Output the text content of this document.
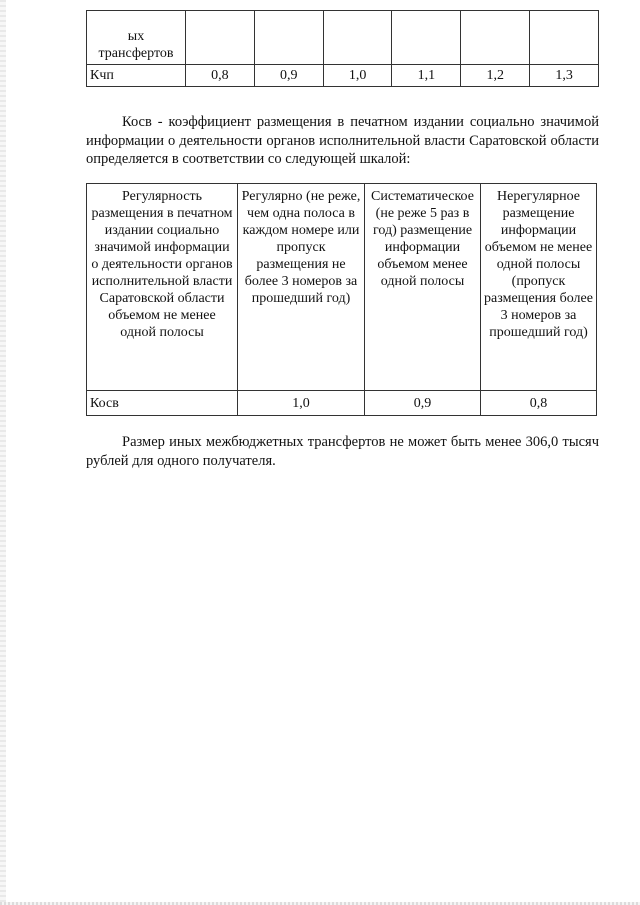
ых
трансфертов						
Кчп	0,8	0,9	1,0	1,1	1,2	1,3

Косв - коэффициент размещения в печатном издании социально значимой информации о деятельности органов исполнительной власти Саратовской области определяется в соответствии со следующей шкалой:

Регулярность размещения в печатном издании социально значимой информации о деятельности органов исполнительной власти Саратовской области объемом не менее одной полосы	Регулярно (не реже, чем одна полоса в каждом номере или пропуск размещения не более 3 номеров за прошедший год)	Систематическое (не реже 5 раз в год) размещение информации объемом менее одной полосы	Нерегулярное размещение информации объемом не менее одной полосы (пропуск размещения более 3 номеров за прошедший год)
Косв	1,0	0,9	0,8

Размер иных межбюджетных трансфертов не может быть менее 306,0 тысяч рублей для одного получателя.
